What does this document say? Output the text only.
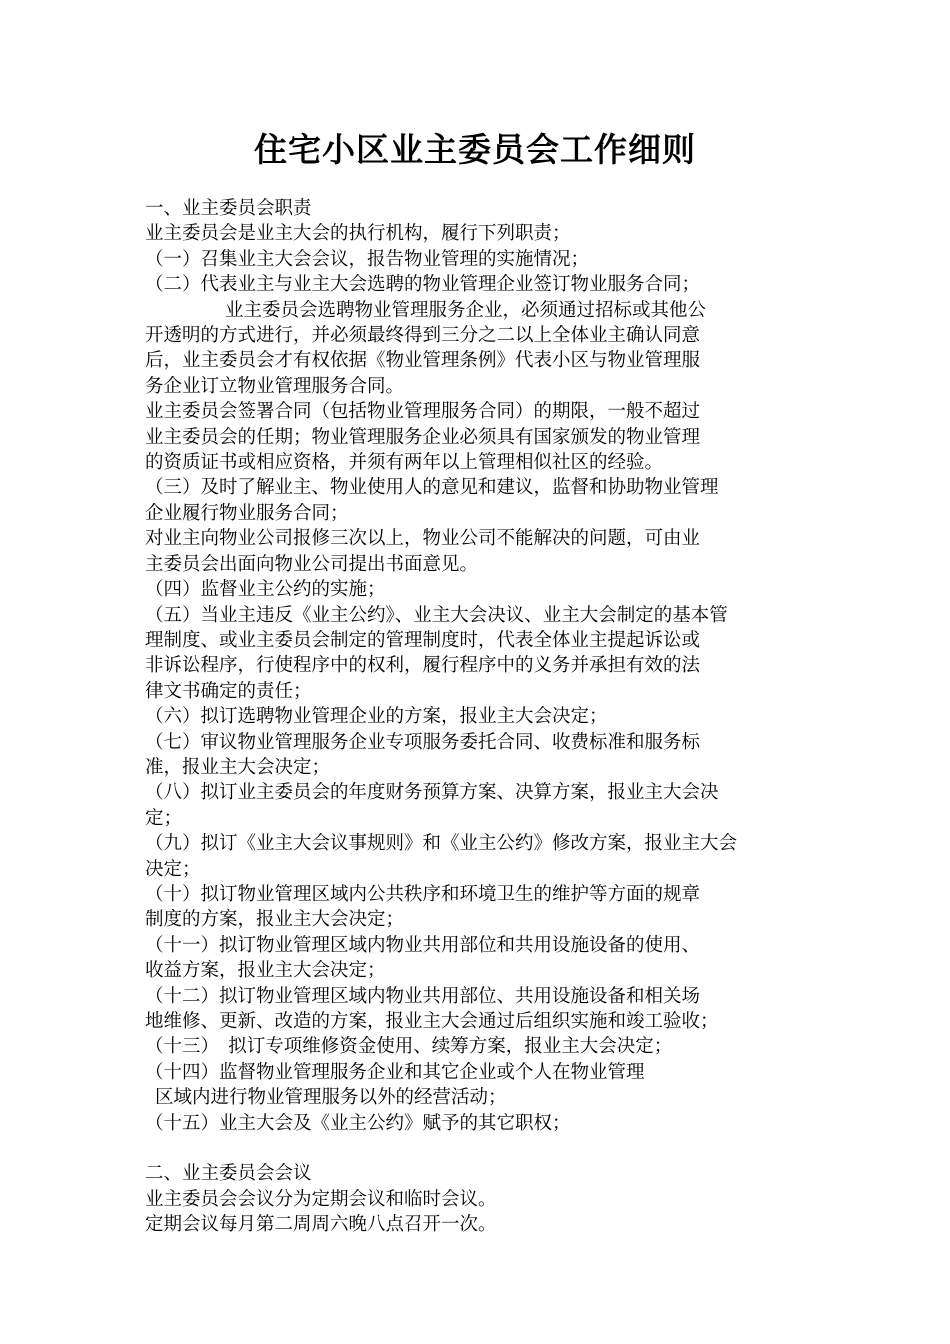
住宅小区业主委员会工作细则
一、业主委员会职责
业主委员会是业主大会的执行机构，履行下列职责；
（一）召集业主大会会议，报告物业管理的实施情况；
（二）代表业主与业主大会选聘的物业管理企业签订物业服务合同；
业主委员会选聘物业管理服务企业，必须通过招标或其他公
开透明的方式进行，并必须最终得到三分之二以上全体业主确认同意
后，业主委员会才有权依据《物业管理条例》代表小区与物业管理服
务企业订立物业管理服务合同。
业主委员会签署合同（包括物业管理服务合同）的期限，一般不超过
业主委员会的任期；物业管理服务企业必须具有国家颁发的物业管理
的资质证书或相应资格，并须有两年以上管理相似社区的经验。
（三）及时了解业主、物业使用人的意见和建议，监督和协助物业管理
企业履行物业服务合同；
对业主向物业公司报修三次以上，物业公司不能解决的问题，可由业
主委员会出面向物业公司提出书面意见。
（四）监督业主公约的实施；
（五）当业主违反《业主公约》、业主大会决议、业主大会制定的基本管
理制度、或业主委员会制定的管理制度时，代表全体业主提起诉讼或
非诉讼程序，行使程序中的权利，履行程序中的义务并承担有效的法
律文书确定的责任；
（六）拟订选聘物业管理企业的方案，报业主大会决定；
（七）审议物业管理服务企业专项服务委托合同、收费标准和服务标
准，报业主大会决定；
（八）拟订业主委员会的年度财务预算方案、决算方案，报业主大会决
定；
（九）拟订《业主大会议事规则》和《业主公约》修改方案，报业主大会
决定；
（十）拟订物业管理区域内公共秩序和环境卫生的维护等方面的规章
制度的方案，报业主大会决定；
（十一）拟订物业管理区域内物业共用部位和共用设施设备的使用、
收益方案，报业主大会决定；
（十二）拟订物业管理区域内物业共用部位、共用设施设备和相关场
地维修、更新、改造的方案，报业主大会通过后组织实施和竣工验收；
（十三）　拟订专项维修资金使用、续筹方案，报业主大会决定；
（十四）监督物业管理服务企业和其它企业或个人在物业管理
区域内进行物业管理服务以外的经营活动；
（十五）业主大会及《业主公约》赋予的其它职权；
二、业主委员会会议
业主委员会会议分为定期会议和临时会议。
定期会议每月第二周周六晚八点召开一次。
